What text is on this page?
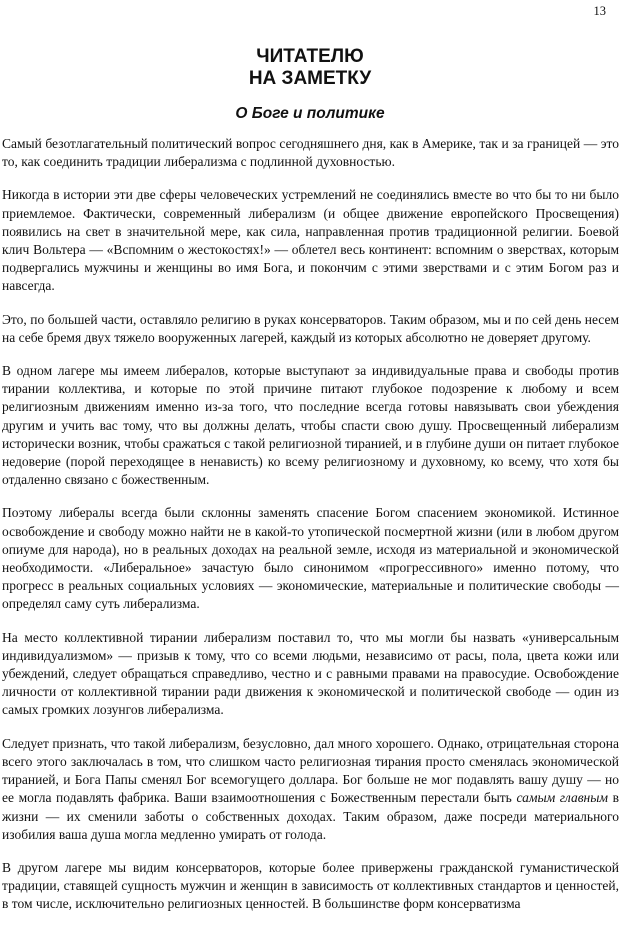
13
ЧИТАТЕЛЮ
НА ЗАМЕТКУ
О Боге и политике

Самый безотлагательный политический вопрос сегодняшнего дня, как в Америке, так и за границей — это то, как соединить традиции либерализма с подлинной духовностью.

Никогда в истории эти две сферы человеческих устремлений не соединялись вместе во что бы то ни было приемлемое. Фактически, современный либерализм (и общее движение европейского Просвещения) появились на свет в значительной мере, как сила, направленная против традиционной религии. Боевой клич Вольтера — «Вспомним о жестокостях!» — облетел весь континент: вспомним о зверствах, которым подвергались мужчины и женщины во имя Бога, и покончим с этими зверствами и с этим Богом раз и навсегда.

Это, по большей части, оставляло религию в руках консерваторов. Таким образом, мы и по сей день несем на себе бремя двух тяжело вооруженных лагерей, каждый из которых абсолютно не доверяет другому.

В одном лагере мы имеем либералов, которые выступают за индивидуальные права и свободы против тирании коллектива, и которые по этой причине питают глубокое подозрение к любому и всем религиозным движениям именно из-за того, что последние всегда готовы навязывать свои убеждения другим и учить вас тому, что вы должны делать, чтобы спасти свою душу. Просвещенный либерализм исторически возник, чтобы сражаться с такой религиозной тиранией, и в глубине души он питает глубокое недоверие (порой переходящее в ненависть) ко всему религиозному и духовному, ко всему, что хотя бы отдаленно связано с божественным.

Поэтому либералы всегда были склонны заменять спасение Богом спасением экономикой. Истинное освобождение и свободу можно найти не в какой-то утопической посмертной жизни (или в любом другом опиуме для народа), но в реальных доходах на реальной земле, исходя из материальной и экономической необходимости. «Либеральное» зачастую было синонимом «прогрессивного» именно потому, что прогресс в реальных социальных условиях — экономические, материальные и политические свободы — определял саму суть либерализма.

На место коллективной тирании либерализм поставил то, что мы могли бы назвать «универсальным индивидуализмом» — призыв к тому, что со всеми людьми, независимо от расы, пола, цвета кожи или убеждений, следует обращаться справедливо, честно и с равными правами на правосудие. Освобождение личности от коллективной тирании ради движения к экономической и политической свободе — один из самых громких лозунгов либерализма.

Следует признать, что такой либерализм, безусловно, дал много хорошего. Однако, отрицательная сторона всего этого заключалась в том, что слишком часто религиозная тирания просто сменялась экономической тиранией, и Бога Папы сменял Бог всемогущего доллара. Бог больше не мог подавлять вашу душу — но ее могла подавлять фабрика. Ваши взаимоотношения с Божественным перестали быть самым главным в жизни — их сменили заботы о собственных доходах. Таким образом, даже посреди материального изобилия ваша душа могла медленно умирать от голода.

В другом лагере мы видим консерваторов, которые более привержены гражданской гуманистической традиции, ставящей сущность мужчин и женщин в зависимость от коллективных стандартов и ценностей, в том числе, исключительно религиозных ценностей. В большинстве форм консерватизма
